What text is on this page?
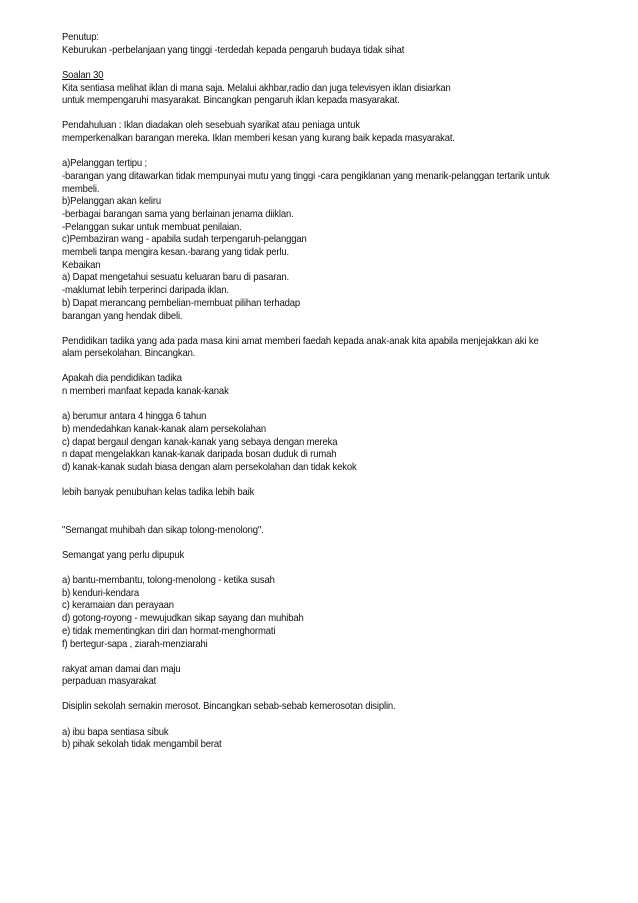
Penutup:
Keburukan -perbelanjaan yang tinggi -terdedah kepada pengaruh budaya tidak sihat
Soalan 30
Kita sentiasa melihat iklan di mana saja. Melalui akhbar,radio dan juga televisyen iklan disiarkan
untuk mempengaruhi masyarakat. Bincangkan pengaruh iklan kepada masyarakat.
Pendahuluan : Iklan diadakan oleh sesebuah syarikat atau peniaga untuk
memperkenalkan barangan mereka. Iklan memberi kesan yang kurang baik kepada masyarakat.
a)Pelanggan tertipu ;
-barangan yang ditawarkan tidak mempunyai mutu yang tinggi -cara pengiklanan yang menarik-pelanggan tertarik untuk
membeli.
b)Pelanggan akan keliru
-berbagai barangan sama yang berlainan jenama diiklan.
-Pelanggan sukar untuk membuat penilaian.
c)Pembaziran wang - apabila sudah terpengaruh-pelanggan
membeli tanpa mengira kesan.-barang yang tidak perlu.
Kebaikan
a) Dapat mengetahui sesuatu keluaran baru di pasaran.
-maklumat lebih terperinci daripada iklan.
b) Dapat merancang pembelian-membuat pilihan terhadap
barangan yang hendak dibeli.
Pendidikan tadika yang ada pada masa kini amat memberi faedah kepada anak-anak kita apabila menjejakkan aki ke
alam persekolahan. Bincangkan.
Apakah dia pendidikan tadika
n memberi manfaat kepada kanak-kanak
a) berumur antara 4 hingga 6 tahun
b) mendedahkan kanak-kanak alam persekolahan
c) dapat bergaul dengan kanak-kanak yang sebaya dengan mereka
n dapat mengelakkan kanak-kanak daripada bosan duduk di rumah
d) kanak-kanak sudah biasa dengan alam persekolahan dan tidak kekok
lebih banyak penubuhan kelas tadika lebih baik
"Semangat muhibah dan sikap tolong-menolong".
Semangat yang perlu dipupuk
a) bantu-membantu, tolong-menolong - ketika susah
b) kenduri-kendara
c) keramaian dan perayaan
d) gotong-royong - mewujudkan sikap sayang dan muhibah
e) tidak mementingkan diri dan hormat-menghormati
f) bertegur-sapa , ziarah-menziarahi
rakyat aman damai dan maju
perpaduan masyarakat
Disiplin sekolah semakin merosot. Bincangkan sebab-sebab kemerosotan disiplin.
a) ibu bapa sentiasa sibuk
b) pihak sekolah tidak mengambil berat
